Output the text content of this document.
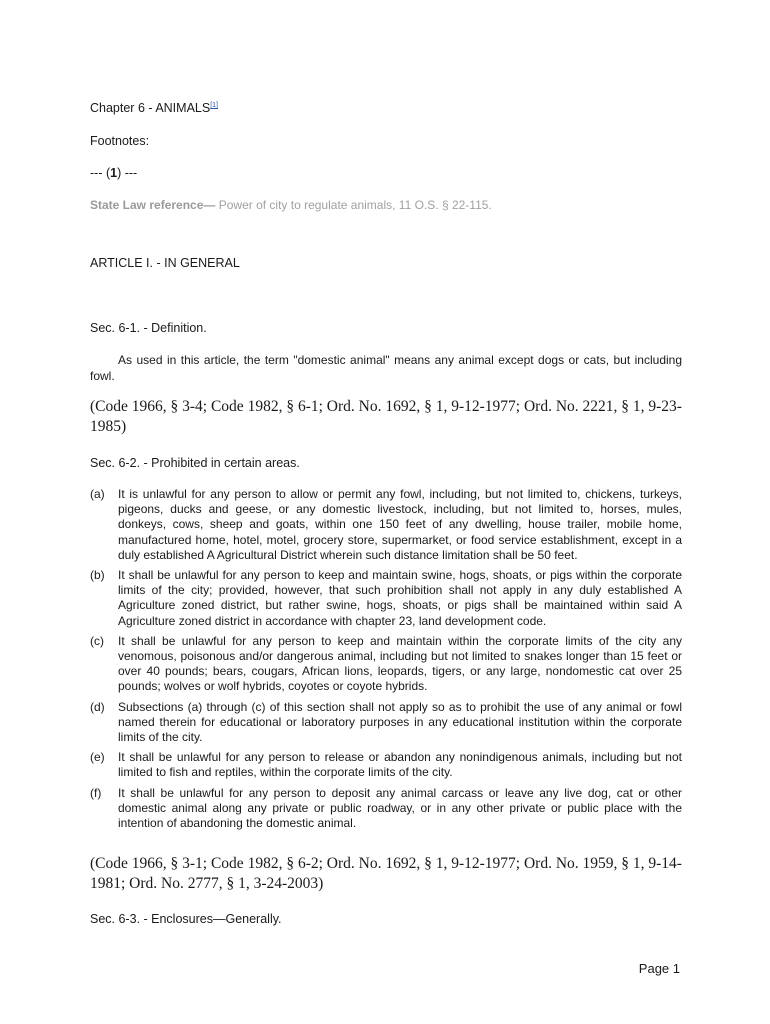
Chapter 6 - ANIMALS[1]
Footnotes:
--- (1) ---
State Law reference— Power of city to regulate animals, 11 O.S. § 22-115.
ARTICLE I. - IN GENERAL
Sec. 6-1. - Definition.
As used in this article, the term "domestic animal" means any animal except dogs or cats, but including fowl.
(Code 1966, § 3-4; Code 1982, § 6-1; Ord. No. 1692, § 1, 9-12-1977; Ord. No. 2221, § 1, 9-23-1985)
Sec. 6-2. - Prohibited in certain areas.
(a) It is unlawful for any person to allow or permit any fowl, including, but not limited to, chickens, turkeys, pigeons, ducks and geese, or any domestic livestock, including, but not limited to, horses, mules, donkeys, cows, sheep and goats, within one 150 feet of any dwelling, house trailer, mobile home, manufactured home, hotel, motel, grocery store, supermarket, or food service establishment, except in a duly established A Agricultural District wherein such distance limitation shall be 50 feet.
(b) It shall be unlawful for any person to keep and maintain swine, hogs, shoats, or pigs within the corporate limits of the city; provided, however, that such prohibition shall not apply in any duly established A Agriculture zoned district, but rather swine, hogs, shoats, or pigs shall be maintained within said A Agriculture zoned district in accordance with chapter 23, land development code.
(c) It shall be unlawful for any person to keep and maintain within the corporate limits of the city any venomous, poisonous and/or dangerous animal, including but not limited to snakes longer than 15 feet or over 40 pounds; bears, cougars, African lions, leopards, tigers, or any large, nondomestic cat over 25 pounds; wolves or wolf hybrids, coyotes or coyote hybrids.
(d) Subsections (a) through (c) of this section shall not apply so as to prohibit the use of any animal or fowl named therein for educational or laboratory purposes in any educational institution within the corporate limits of the city.
(e) It shall be unlawful for any person to release or abandon any nonindigenous animals, including but not limited to fish and reptiles, within the corporate limits of the city.
(f) It shall be unlawful for any person to deposit any animal carcass or leave any live dog, cat or other domestic animal along any private or public roadway, or in any other private or public place with the intention of abandoning the domestic animal.
(Code 1966, § 3-1; Code 1982, § 6-2; Ord. No. 1692, § 1, 9-12-1977; Ord. No. 1959, § 1, 9-14-1981; Ord. No. 2777, § 1, 3-24-2003)
Sec. 6-3. - Enclosures—Generally.
Page 1
